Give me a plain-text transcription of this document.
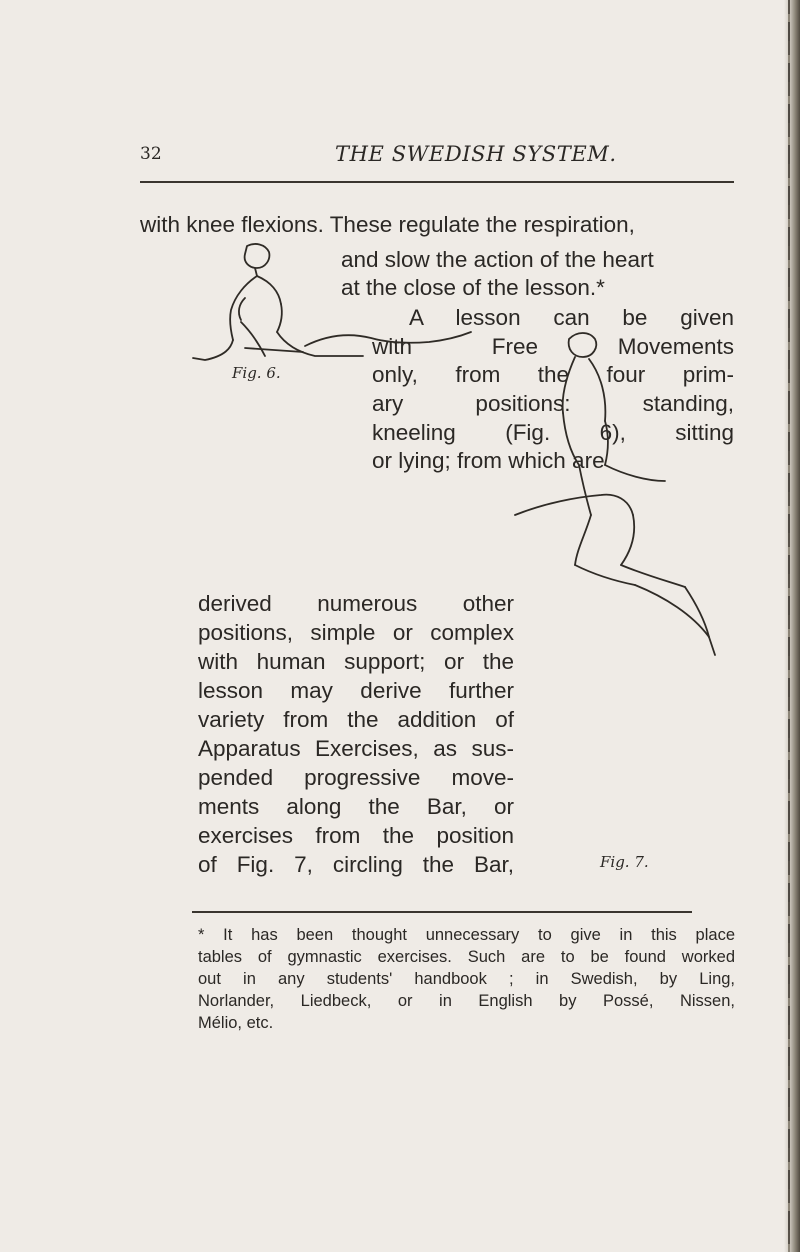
32	THE SWEDISH SYSTEM.
with knee flexions. These regulate the respiration,
and slow the action of the heart
at the close of the lesson.*
A lesson can be given
with Free Movements
only, from the four prim-
ary positions: standing,
kneeling (Fig. 6), sitting
or lying; from which are
derived numerous other
positions, simple or complex
with human support; or the
lesson may derive further
variety from the addition of
Apparatus Exercises, as sus-
pended progressive move-
ments along the Bar, or
exercises from the position
of Fig. 7, circling the Bar,
Fig. 6.
Fig. 7.
* It has been thought unnecessary to give in this place
tables of gymnastic exercises. Such are to be found worked
out in any students' handbook ; in Swedish, by Ling,
Norlander, Liedbeck, or in English by Possé, Nissen,
Mélio, etc.
